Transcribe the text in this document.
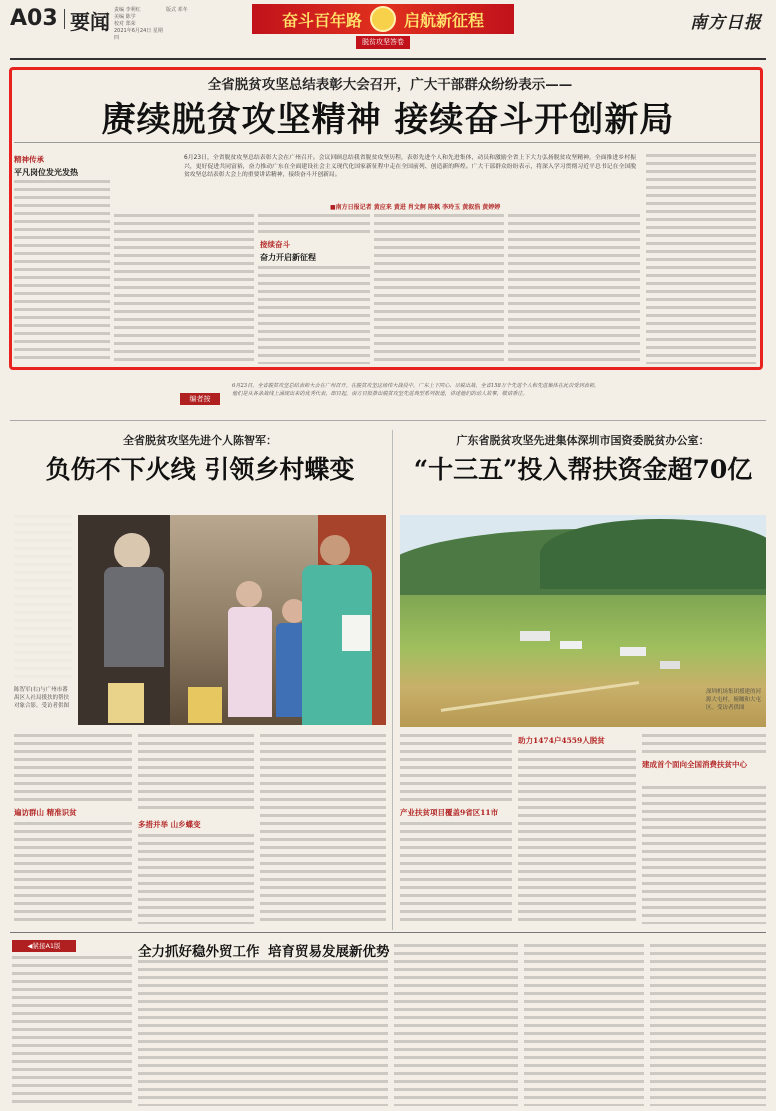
A03 要闻 责编 李利红
美编 陈学
校对 郑荣
2021年6月24日 星期四
版式 邓冬
奋斗百年路	启航新征程
脱贫攻坚答卷
南方日报
全省脱贫攻坚总结表彰大会召开，广大干部群众纷纷表示——
赓续脱贫攻坚精神 接续奋斗开创新局
精神传承
平凡岗位发光发热
6月23日，全省脱贫攻坚总结表彰大会在广州召开。会议回顾总结我省脱贫攻坚历程，表彰先进个人和先进集体，动员和激励全省上下大力弘扬脱贫攻坚精神，全面推进乡村振兴，更好促进共同富裕，奋力推动广东在全面建设社会主义现代化国家新征程中走在全国前列、创造新的辉煌。广大干部群众纷纷表示，将深入学习贯彻习近平总书记在全国脱贫攻坚总结表彰大会上的重要讲话精神，接续奋斗开创新局。
■南方日报记者 黄应来 黄进 肖文舸 陈枫 李玲玉 黄叙浩 黄婷婷
接续奋斗
奋力开启新征程
编者按
6月23日，全省脱贫攻坚总结表彰大会在广州召开。在脱贫攻坚这场伟大战役中，广东上下同心、尽锐出战，全省158万个先进个人和先进集体在此次受到表彰，他们是从各条战线上涌现出来的优秀代表，即日起，南方日报推出脱贫攻坚先进典型系列报道，讲述他们的动人故事，敬请垂注。
全省脱贫攻坚先进个人陈智军：
负伤不下火线 引领乡村蝶变
陈智军(右)与广州市番禺区人社局援扶的帮扶对象合影。受访者供图
遍访群山 精准识贫
多措并举 山乡蝶变
广东省脱贫攻坚先进集体深圳市国资委脱贫办公室：
“十三五”投入帮扶资金超70亿
深圳机场集团援建的河源大屯村，俯瞰和大屯区。受访者供图
产业扶贫项目覆盖9省区11市
助力1474户4559人脱贫
建成首个面向全国消费扶贫中心
◀紧接A1版	全力抓好稳外贸工作 培育贸易发展新优势
